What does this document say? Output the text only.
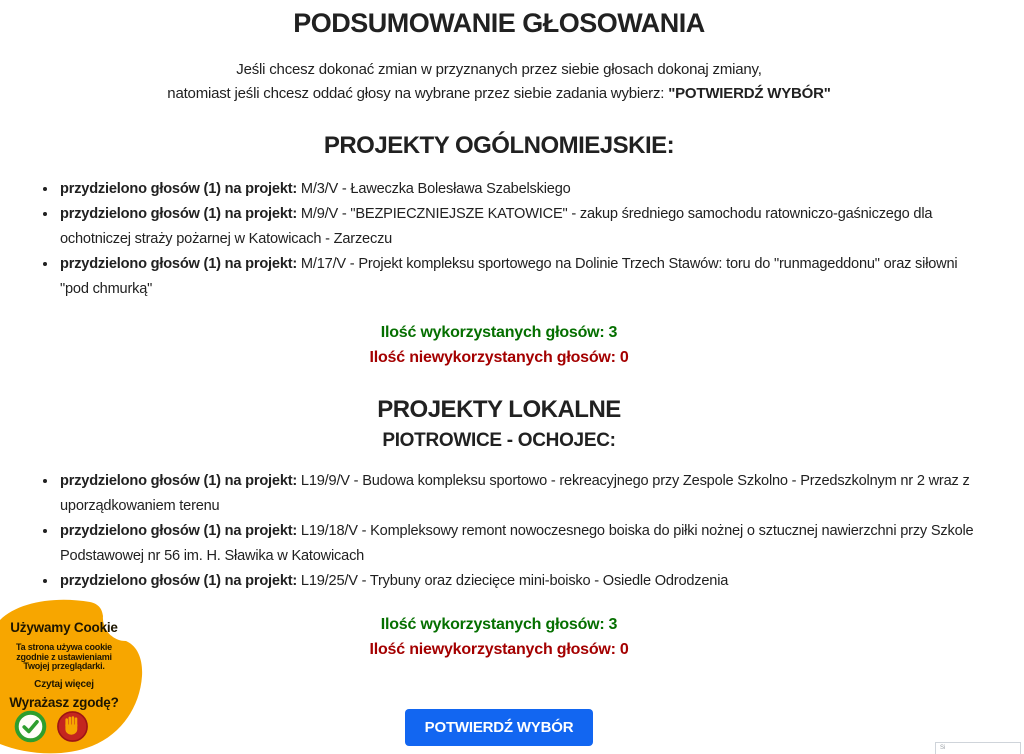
PODSUMOWANIE GŁOSOWANIA
Jeśli chcesz dokonać zmian w przyznanych przez siebie głosach dokonaj zmiany,
natomiast jeśli chcesz oddać głosy na wybrane przez siebie zadania wybierz: "POTWIERDŹ WYBÓR"
PROJEKTY OGÓLNOMIEJSKIE:
• przydzielono głosów (1) na projekt: M/3/V - Ławeczka Bolesława Szabelskiego
• przydzielono głosów (1) na projekt: M/9/V - "BEZPIECZNIEJSZE KATOWICE" - zakup średniego samochodu ratowniczo-gaśniczego dla ochotniczej straży pożarnej w Katowicach - Zarzeczu
• przydzielono głosów (1) na projekt: M/17/V - Projekt kompleksu sportowego na Dolinie Trzech Stawów: toru do "runmageddonu" oraz siłowni "pod chmurką"
Ilość wykorzystanych głosów: 3
Ilość niewykorzystanych głosów: 0
PROJEKTY LOKALNE
PIOTROWICE - OCHOJEC:
• przydzielono głosów (1) na projekt: L19/9/V - Budowa kompleksu sportowo - rekreacyjnego przy Zespole Szkolno - Przedszkolnym nr 2 wraz z uporządkowaniem terenu
• przydzielono głosów (1) na projekt: L19/18/V - Kompleksowy remont nowoczesnego boiska do piłki nożnej o sztucznej nawierzchni przy Szkole Podstawowej nr 56 im. H. Sławika w Katowicach
• przydzielono głosów (1) na projekt: L19/25/V - Trybuny oraz dziecięce mini-boisko - Osiedle Odrodzenia
Ilość wykorzystanych głosów: 3
Ilość niewykorzystanych głosów: 0
POTWIERDŹ WYBÓR
Używamy Cookie
Ta strona używa cookie
zgodnie z ustawieniami
Twojej przeglądarki.
Czytaj więcej
Wyrażasz zgodę?
Si
